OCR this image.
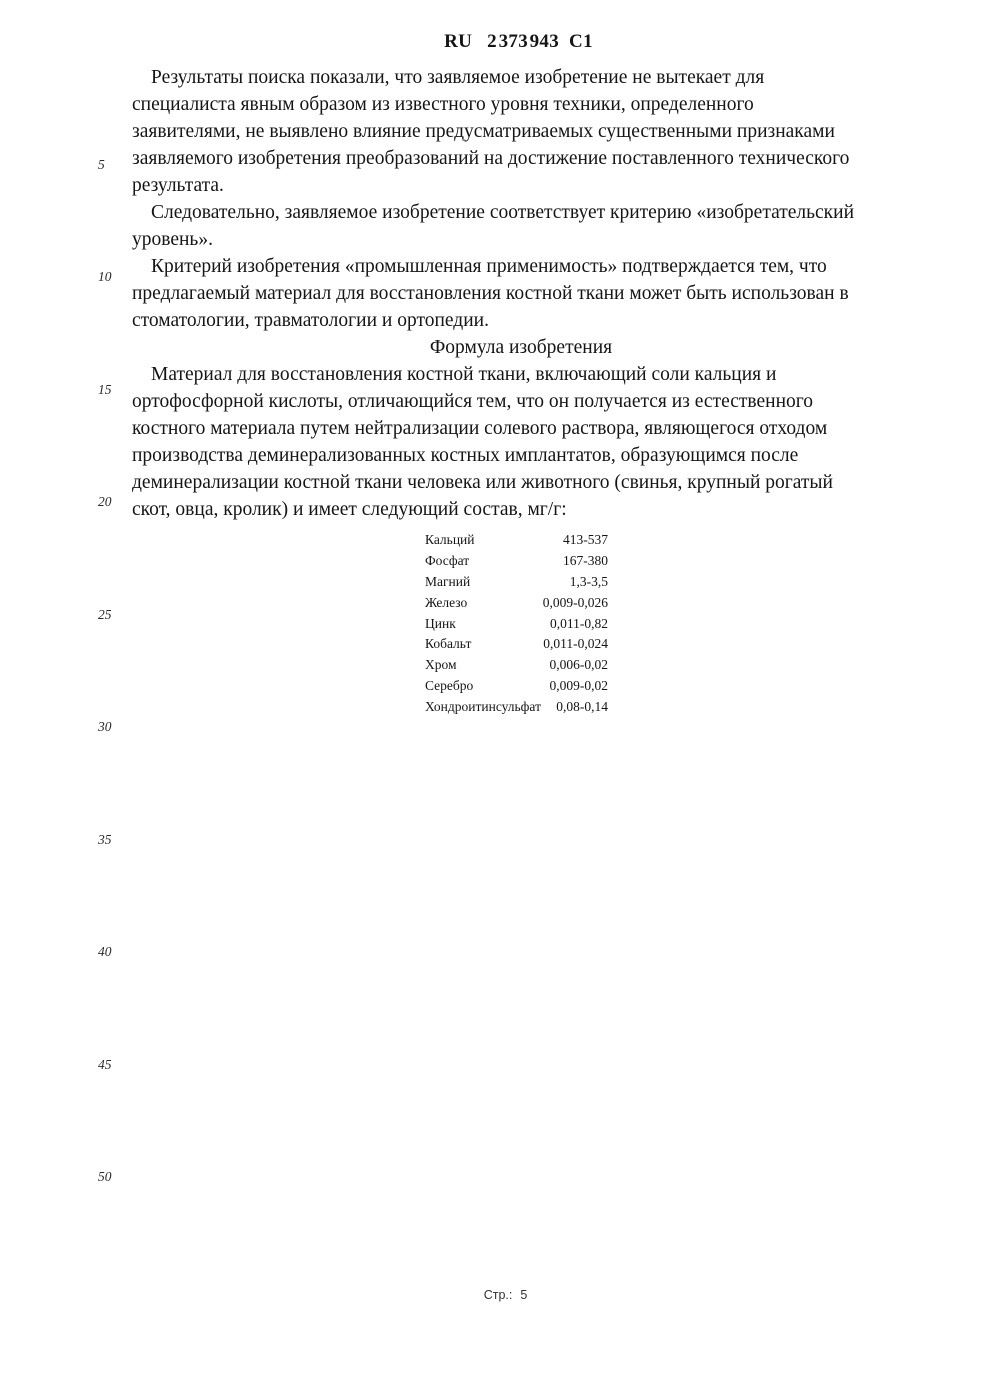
RU 2 373 943 C1
5
10
15
20
25
30
35
40
45
50
Результаты поиска показали, что заявляемое изобретение не вытекает для
специалиста явным образом из известного уровня техники, определенного
заявителями, не выявлено влияние предусматриваемых существенными признаками
заявляемого изобретения преобразований на достижение поставленного технического
результата.
Следовательно, заявляемое изобретение соответствует критерию «изобретательский
уровень».
Критерий изобретения «промышленная применимость» подтверждается тем, что
предлагаемый материал для восстановления костной ткани может быть использован в
стоматологии, травматологии и ортопедии.
Формула изобретения
Материал для восстановления костной ткани, включающий соли кальция и
ортофосфорной кислоты, отличающийся тем, что он получается из естественного
костного материала путем нейтрализации солевого раствора, являющегося отходом
производства деминерализованных костных имплантатов, образующимся после
деминерализации костной ткани человека или животного (свинья, крупный рогатый
скот, овца, кролик) и имеет следующий состав, мг/г:
Кальций	413-537
Фосфат	167-380
Магний	1,3-3,5
Железо	0,009-0,026
Цинк	0,011-0,82
Кобальт	0,011-0,024
Хром	0,006-0,02
Серебро	0,009-0,02
Хондроитинсульфат 0,08-0,14
Стр.: 5
